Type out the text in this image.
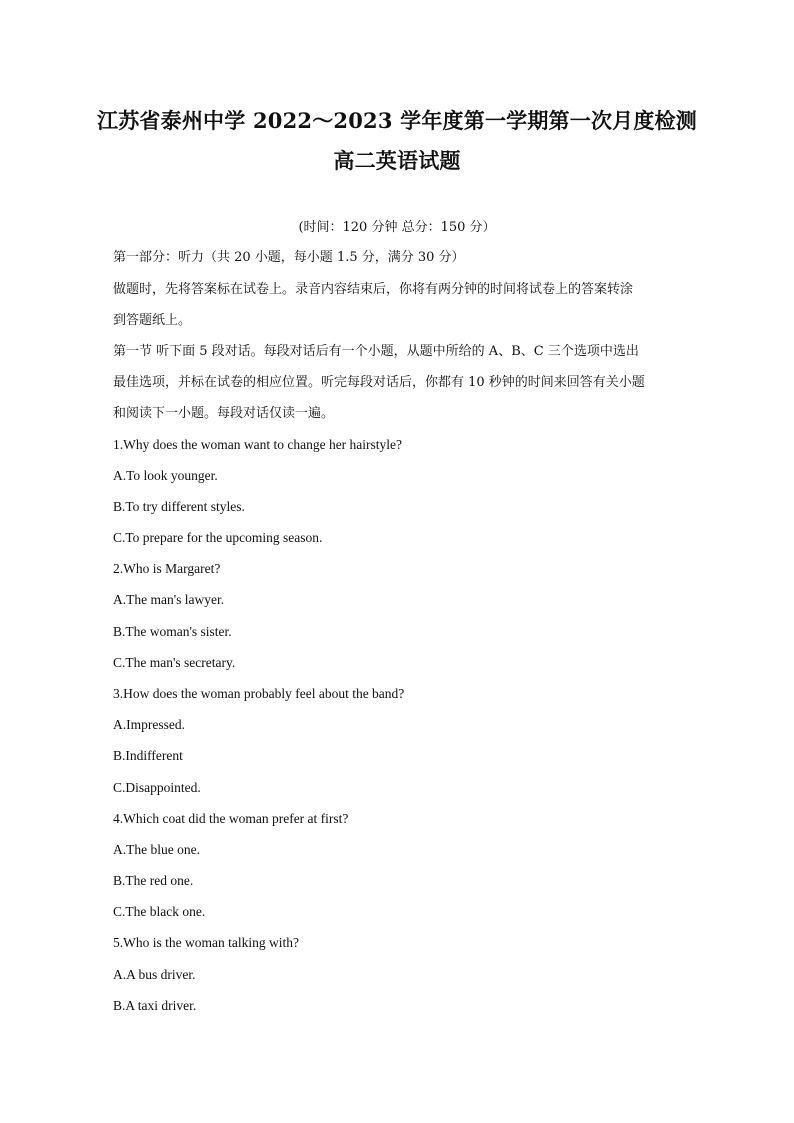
江苏省泰州中学 2022～2023 学年度第一学期第一次月度检测
高二英语试题
(时间：120 分钟 总分：150 分）
第一部分：听力（共 20 小题，每小题 1.5 分，满分 30 分）
做题时，先将答案标在试卷上。录音内容结束后，你将有两分钟的时间将试卷上的答案转涂
到答题纸上。
第一节 听下面 5 段对话。每段对话后有一个小题，从题中所给的 A、B、C 三个选项中选出
最佳选项，并标在试卷的相应位置。听完每段对话后，你都有 10 秒钟的时间来回答有关小题
和阅读下一小题。每段对话仅读一遍。
1.Why does the woman want to change her hairstyle?
A.To look younger.
B.To try different styles.
C.To prepare for the upcoming season.
2.Who is Margaret?
A.The man's lawyer.
B.The woman's sister.
C.The man's secretary.
3.How does the woman probably feel about the band?
A.Impressed.
B.Indifferent
C.Disappointed.
4.Which coat did the woman prefer at first?
A.The blue one.
B.The red one.
C.The black one.
5.Who is the woman talking with?
A.A bus driver.
B.A taxi driver.
